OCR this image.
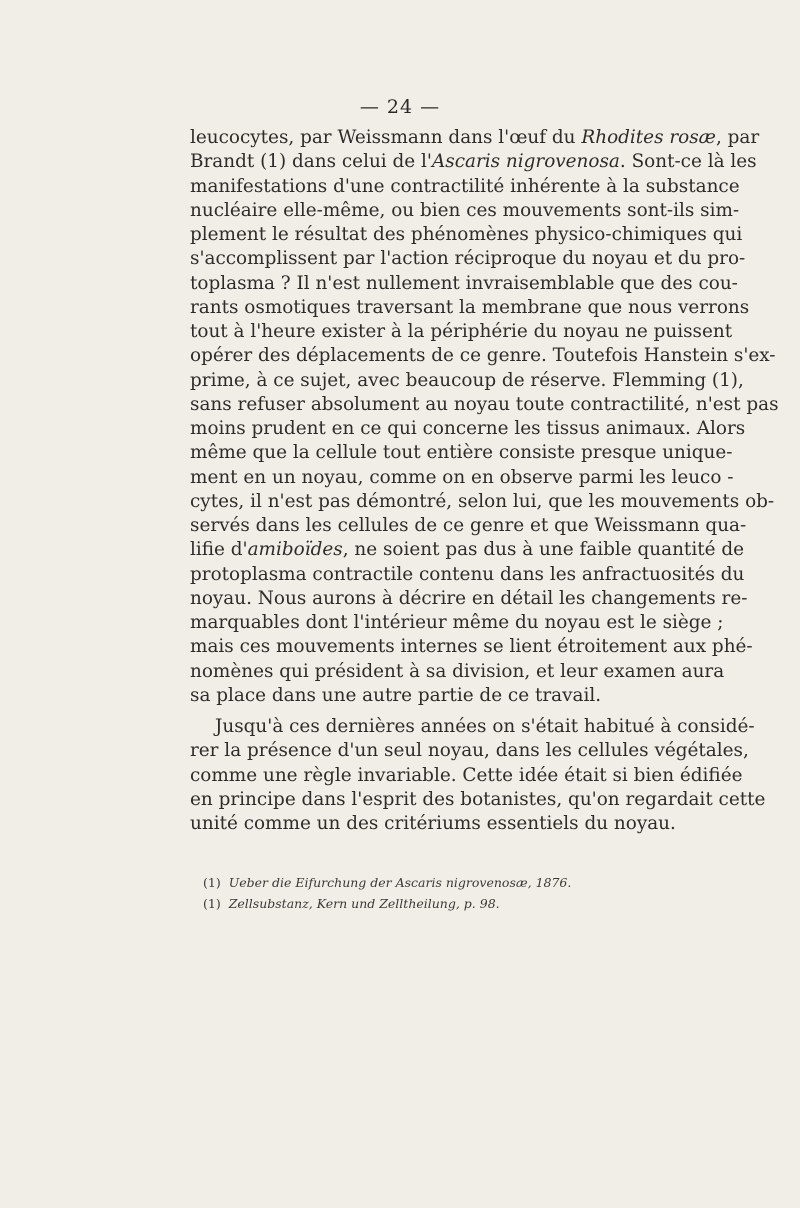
— 24 —
leucocytes, par Weissmann dans l'œuf du Rhodites rosæ, par
Brandt (1) dans celui de l'Ascaris nigrovenosa. Sont-ce là les
manifestations d'une contractilité inhérente à la substance
nucléaire elle-même, ou bien ces mouvements sont-ils sim-
plement le résultat des phénomènes physico-chimiques qui
s'accomplissent par l'action réciproque du noyau et du pro-
toplasma ? Il n'est nullement invraisemblable que des cou-
rants osmotiques traversant la membrane que nous verrons
tout à l'heure exister à la périphérie du noyau ne puissent
opérer des déplacements de ce genre. Toutefois Hanstein s'ex-
prime, à ce sujet, avec beaucoup de réserve. Flemming (1),
sans refuser absolument au noyau toute contractilité, n'est pas
moins prudent en ce qui concerne les tissus animaux. Alors
même que la cellule tout entière consiste presque unique-
ment en un noyau, comme on en observe parmi les leuco -
cytes, il n'est pas démontré, selon lui, que les mouvements ob-
servés dans les cellules de ce genre et que Weissmann qua-
lifie d'amiboïdes, ne soient pas dus à une faible quantité de
protoplasma contractile contenu dans les anfractuosités du
noyau. Nous aurons à décrire en détail les changements re-
marquables dont l'intérieur même du noyau est le siège ;
mais ces mouvements internes se lient étroitement aux phé-
nomènes qui président à sa division, et leur examen aura
sa place dans une autre partie de ce travail.
Jusqu'à ces dernières années on s'était habitué à considé-
rer la présence d'un seul noyau, dans les cellules végétales,
comme une règle invariable. Cette idée était si bien édifiée
en principe dans l'esprit des botanistes, qu'on regardait cette
unité comme un des critériums essentiels du noyau.
(1) Ueber die Eifurchung der Ascaris nigrovenosæ, 1876.
(1) Zellsubstanz, Kern und Zelltheilung, p. 98.
